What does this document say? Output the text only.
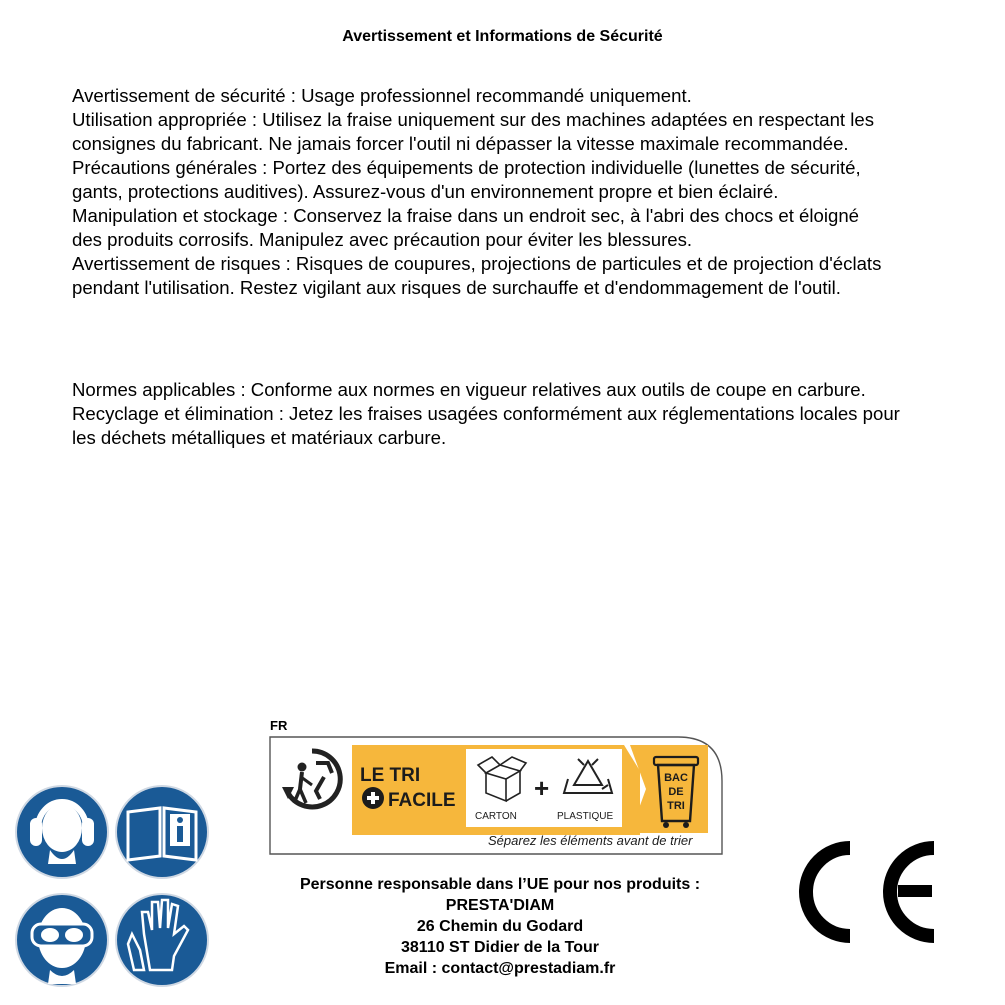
Avertissement et Informations de Sécurité
Avertissement de sécurité : Usage professionnel recommandé uniquement.
Utilisation appropriée : Utilisez la fraise uniquement sur des machines adaptées en respectant les
consignes du fabricant. Ne jamais forcer l'outil ni dépasser la vitesse maximale recommandée.
Précautions générales : Portez des équipements de protection individuelle (lunettes de sécurité,
gants, protections auditives). Assurez-vous d'un environnement propre et bien éclairé.
Manipulation et stockage : Conservez la fraise dans un endroit sec, à l'abri des chocs et éloigné
des produits corrosifs. Manipulez avec précaution pour éviter les blessures.
Avertissement de risques : Risques de coupures, projections de particules et de projection d'éclats
pendant l'utilisation. Restez vigilant aux risques de surchauffe et d'endommagement de l'outil.
Normes applicables : Conforme aux normes en vigueur relatives aux outils de coupe en carbure.
Recyclage et élimination : Jetez les fraises usagées conformément aux réglementations locales pour
les déchets métalliques et matériaux carbure.
FR
LE TRI
FACILE
CARTON
+
PLASTIQUE
BAC
DE
TRI
Séparez les éléments avant de trier
Personne responsable dans l’UE pour nos produits :
PRESTA'DIAM
26 Chemin du Godard
38110 ST Didier de la Tour
Email : contact@prestadiam.fr
